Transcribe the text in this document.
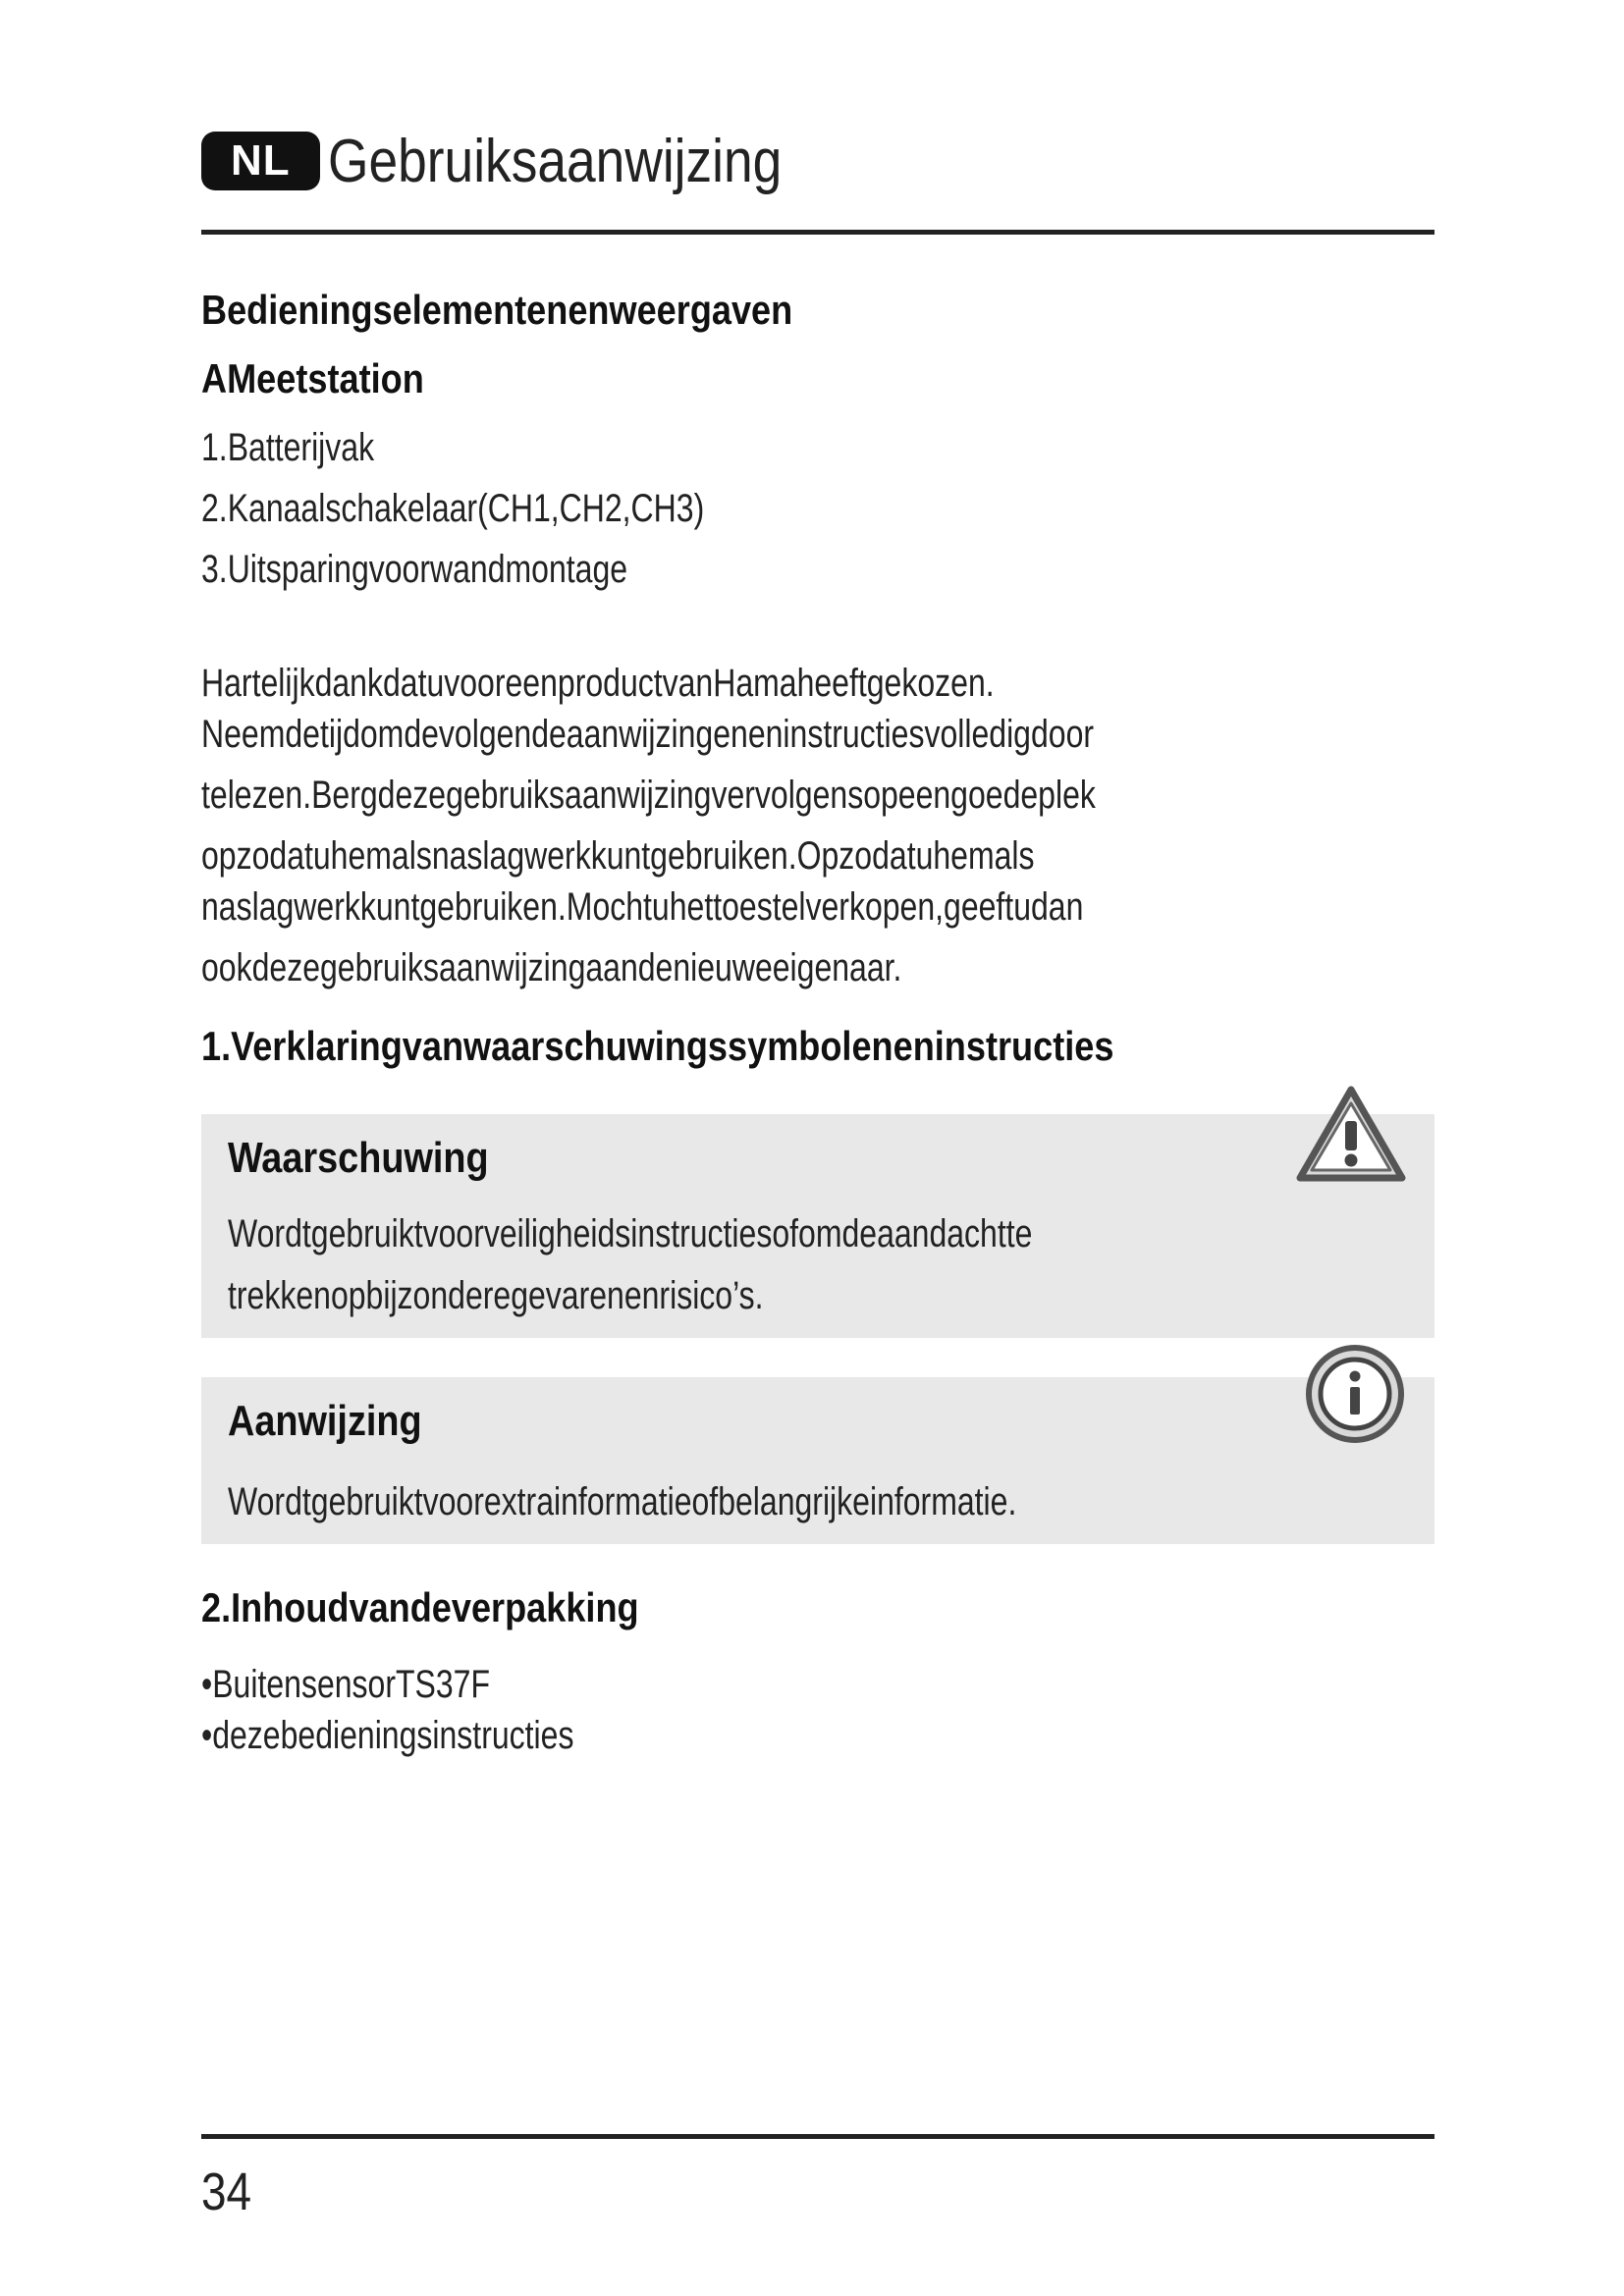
NL Gebruiksaanwijzing
Bedieningselementenenweergaven
AMeetstation
1.Batterijvak
2.Kanaalschakelaar(CH1,CH2,CH3)
3.Uitsparingvoorwandmontage
HartelijkdankdatuvooreenproductvanHamaheeftgekozen.
Neemdetijdomdevolgendeaanwijzingeneninstructiesvolledigdoor
telezen.Bergdezegebruiksaanwijzingvervolgensopeengoedeplek
opzodatuhemalsnaslagwerkkuntgebruiken.Opzodatuhemals
naslagwerkkuntgebruiken.Mochtuhettoestelverkopen,geeftudan
ookdezegebruiksaanwijzingaandenieuweeigenaar.
1.Verklaringvanwaarschuwingssymboleneninstructies
Waarschuwing
Wordtgebruiktvoorveiligheidsinstructiesofomdeaandachtte
trekkenopbijzonderegevarenenrisico’s.
Aanwijzing
Wordtgebruiktvoorextrainformatieofbelangrijkeinformatie.
2.Inhoudvandeverpakking
•BuitensensorTS37F
•dezebedieningsinstructies
34
